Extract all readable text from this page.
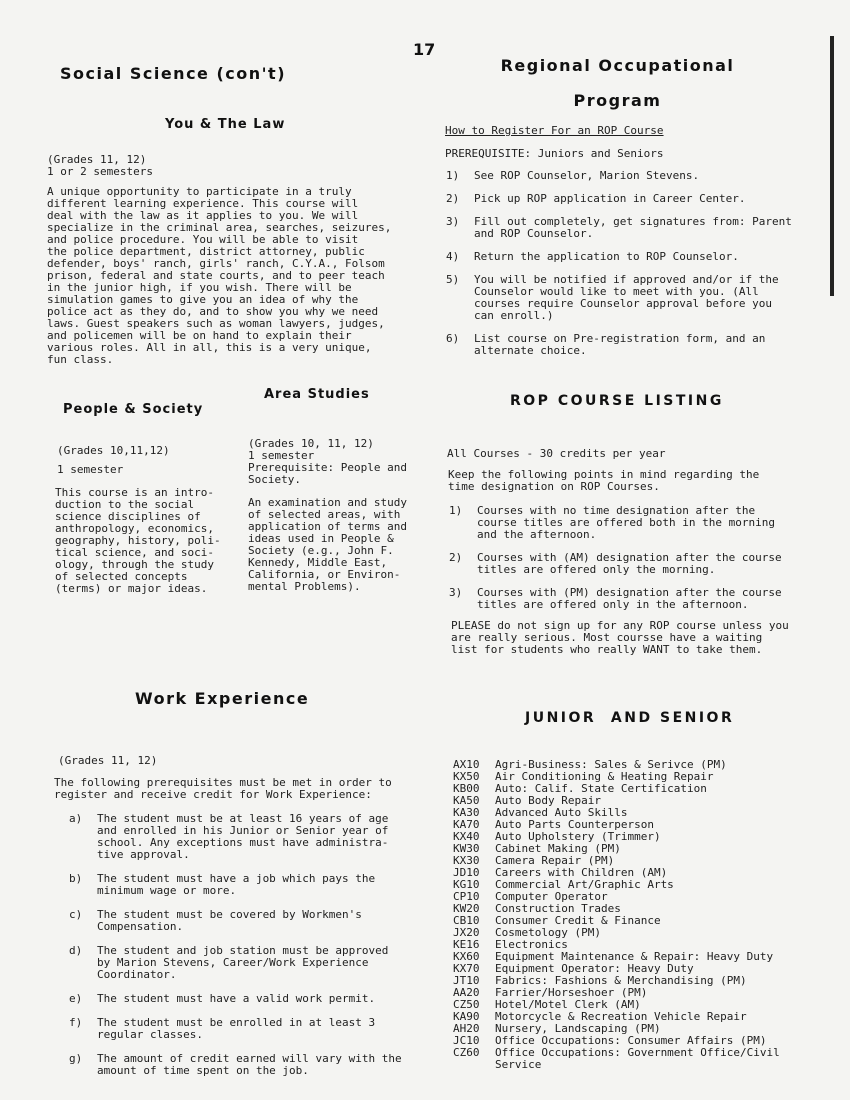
17
Social Science (con't)
You & The Law

(Grades 11, 12)
1 or 2 semesters

A unique opportunity to participate in a truly
different learning experience. This course will
deal with the law as it applies to you. We will
specialize in the criminal area, searches, seizures,
and police procedure. You will be able to visit
the police department, district attorney, public
defender, boys' ranch, girls' ranch, C.Y.A., Folsom
prison, federal and state courts, and to peer teach
in the junior high, if you wish. There will be
simulation games to give you an idea of why the
police act as they do, and to show you why we need
laws. Guest speakers such as woman lawyers, judges,
and policemen will be on hand to explain their
various roles. All in all, this is a very unique,
fun class.

Area Studies
People & Society
(Grades 10,11,12)
1 semester

This course is an intro-
duction to the social
science disciplines of
anthropology, economics,
geography, history, poli-
tical science, and soci-
ology, through the study
of selected concepts
(terms) or major ideas.

(Grades 10, 11, 12)
1 semester
Prerequisite: People and
Society.

An examination and study
of selected areas, with
application of terms and
ideas used in People &
Society (e.g., John F.
Kennedy, Middle East,
California, or Environ-
mental Problems).

Work Experience
(Grades 11, 12)

The following prerequisites must be met in order to
register and receive credit for Work Experience:

a)	The student must be at least 16 years of age
and enrolled in his Junior or Senior year of
school. Any exceptions must have administra-
tive approval.
b)	The student must have a job which pays the
minimum wage or more.
c)	The student must be covered by Workmen's
Compensation.
d)	The student and job station must be approved
by Marion Stevens, Career/Work Experience
Coordinator.
e)	The student must have a valid work permit.
f)	The student must be enrolled in at least 3
regular classes.
g)	The amount of credit earned will vary with the
amount of time spent on the job.
Regional Occupational
Program
How to Register For an ROP Course
PREREQUISITE: Juniors and Seniors
1)	See ROP Counselor, Marion Stevens.
2)	Pick up ROP application in Career Center.
3)	Fill out completely, get signatures from: Parent
and ROP Counselor.
4)	Return the application to ROP Counselor.
5)	You will be notified if approved and/or if the
Counselor would like to meet with you. (All
courses require Counselor approval before you
can enroll.)
6)	List course on Pre-registration form, and an
alternate choice.
ROP COURSE LISTING
All Courses - 30 credits per year

Keep the following points in mind regarding the
time designation on ROP Courses.

1)	Courses with no time designation after the
course titles are offered both in the morning
and the afternoon.
2)	Courses with (AM) designation after the course
titles are offered only the morning.
3)	Courses with (PM) designation after the course
titles are offered only in the afternoon.

PLEASE do not sign up for any ROP course unless you
are really serious. Most coursse have a waiting
list for students who really WANT to take them.

JUNIOR  AND SENIOR
AX10	Agri-Business: Sales & Serivce (PM)
KX50	Air Conditioning & Heating Repair
KB00	Auto: Calif. State Certification
KA50	Auto Body Repair
KA30	Advanced Auto Skills
KA70	Auto Parts Counterperson
KX40	Auto Upholstery (Trimmer)
KW30	Cabinet Making (PM)
KX30	Camera Repair (PM)
JD10	Careers with Children (AM)
KG10	Commercial Art/Graphic Arts
CP10	Computer Operator
KW20	Construction Trades
CB10	Consumer Credit & Finance
JX20	Cosmetology (PM)
KE16	Electronics
KX60	Equipment Maintenance & Repair: Heavy Duty
KX70	Equipment Operator: Heavy Duty
JT10	Fabrics: Fashions & Merchandising (PM)
AA20	Farrier/Horseshoer (PM)
CZ50	Hotel/Motel Clerk (AM)
KA90	Motorcycle & Recreation Vehicle Repair
AH20	Nursery, Landscaping (PM)
JC10	Office Occupations: Consumer Affairs (PM)
CZ60	Office Occupations: Government Office/Civil
Service
